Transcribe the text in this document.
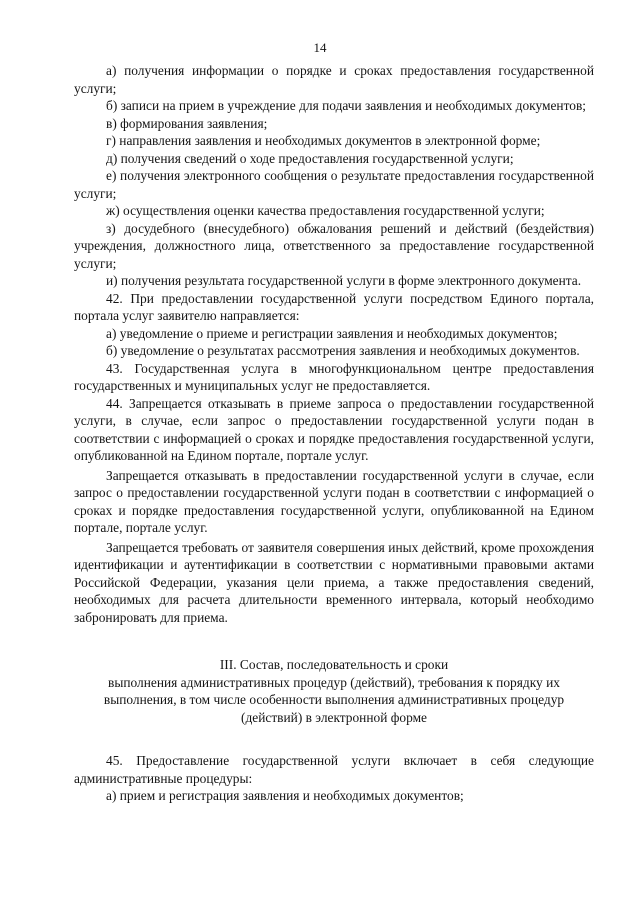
14

а) получения информации о порядке и сроках предоставления государственной услуги;

б) записи на прием в учреждение для подачи заявления и необходимых документов;

в) формирования заявления;

г) направления заявления и необходимых документов в электронной форме;

д) получения сведений о ходе предоставления государственной услуги;

е) получения электронного сообщения о результате предоставления государственной услуги;

ж) осуществления оценки качества предоставления государственной услуги;

з) досудебного (внесудебного) обжалования решений и действий (бездействия) учреждения, должностного лица, ответственного за предоставление государственной услуги;

и) получения результата государственной услуги в форме электронного документа.

42. При предоставлении государственной услуги посредством Единого портала, портала услуг заявителю направляется:

а) уведомление о приеме и регистрации заявления и необходимых документов;

б) уведомление о результатах рассмотрения заявления и необходимых документов.

43. Государственная услуга в многофункциональном центре предоставления государственных и муниципальных услуг не предоставляется.

44. Запрещается отказывать в приеме запроса о предоставлении государственной услуги, в случае, если запрос о предоставлении государственной услуги подан в соответствии с информацией о сроках и порядке предоставления государственной услуги, опубликованной на Едином портале, портале услуг.

Запрещается отказывать в предоставлении государственной услуги в случае, если запрос о предоставлении государственной услуги подан в соответствии с информацией о сроках и порядке предоставления государственной услуги, опубликованной на Едином портале, портале услуг.

Запрещается требовать от заявителя совершения иных действий, кроме прохождения идентификации и аутентификации в соответствии с нормативными правовыми актами Российской Федерации, указания цели приема, а также предоставления сведений, необходимых для расчета длительности временного интервала, который необходимо забронировать для приема.

III. Состав, последовательность и сроки
выполнения административных процедур (действий), требования к порядку их выполнения, в том числе особенности выполнения административных процедур (действий) в электронной форме

45. Предоставление государственной услуги включает в себя следующие административные процедуры:

а) прием и регистрация заявления и необходимых документов;
